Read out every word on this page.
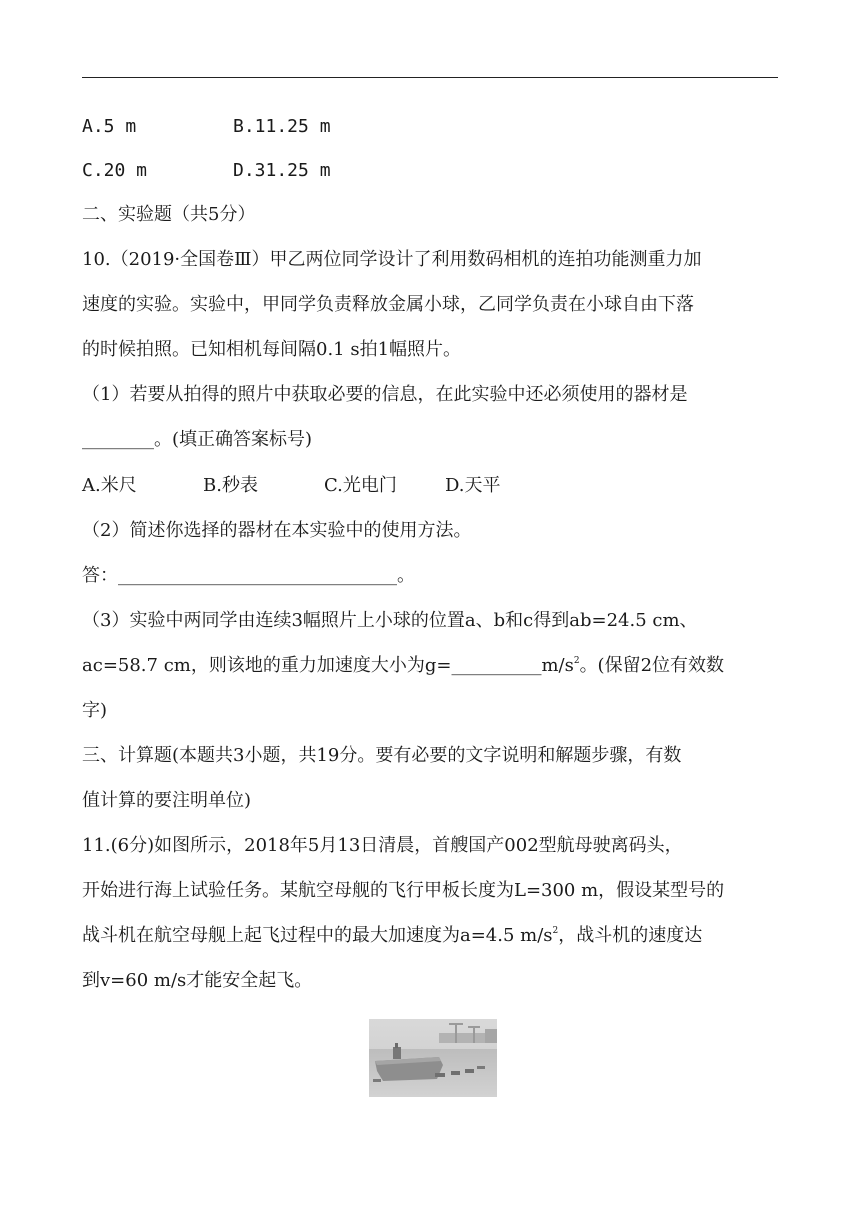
A.5 m	B.11.25 m
C.20 m	D.31.25 m
二、实验题（共5分）
10.（2019·全国卷Ⅲ）甲乙两位同学设计了利用数码相机的连拍功能测重力加
速度的实验。实验中，甲同学负责释放金属小球，乙同学负责在小球自由下落
的时候拍照。已知相机每间隔0.1 s拍1幅照片。
（1）若要从拍得的照片中获取必要的信息，在此实验中还必须使用的器材是
________。(填正确答案标号)
A.米尺	B.秒表	C.光电门	D.天平
（2）简述你选择的器材在本实验中的使用方法。
答：_______________________________。
（3）实验中两同学由连续3幅照片上小球的位置a、b和c得到ab=24.5 cm、
ac=58.7 cm，则该地的重力加速度大小为$g=\_\_\_\_\_\_\_\_\_\_m/s^2$。(保留2位有效数
字)
三、计算题(本题共3小题，共19分。要有必要的文字说明和解题步骤，有数
值计算的要注明单位)
11.(6分)如图所示，2018年5月13日清晨，首艘国产002型航母驶离码头，
开始进行海上试验任务。某航空母舰的飞行甲板长度为L=300 m，假设某型号的
战斗机在航空母舰上起飞过程中的最大加速度为a=4.5 $m/s^2$，战斗机的速度达
到v=60 m/s才能安全起飞。
